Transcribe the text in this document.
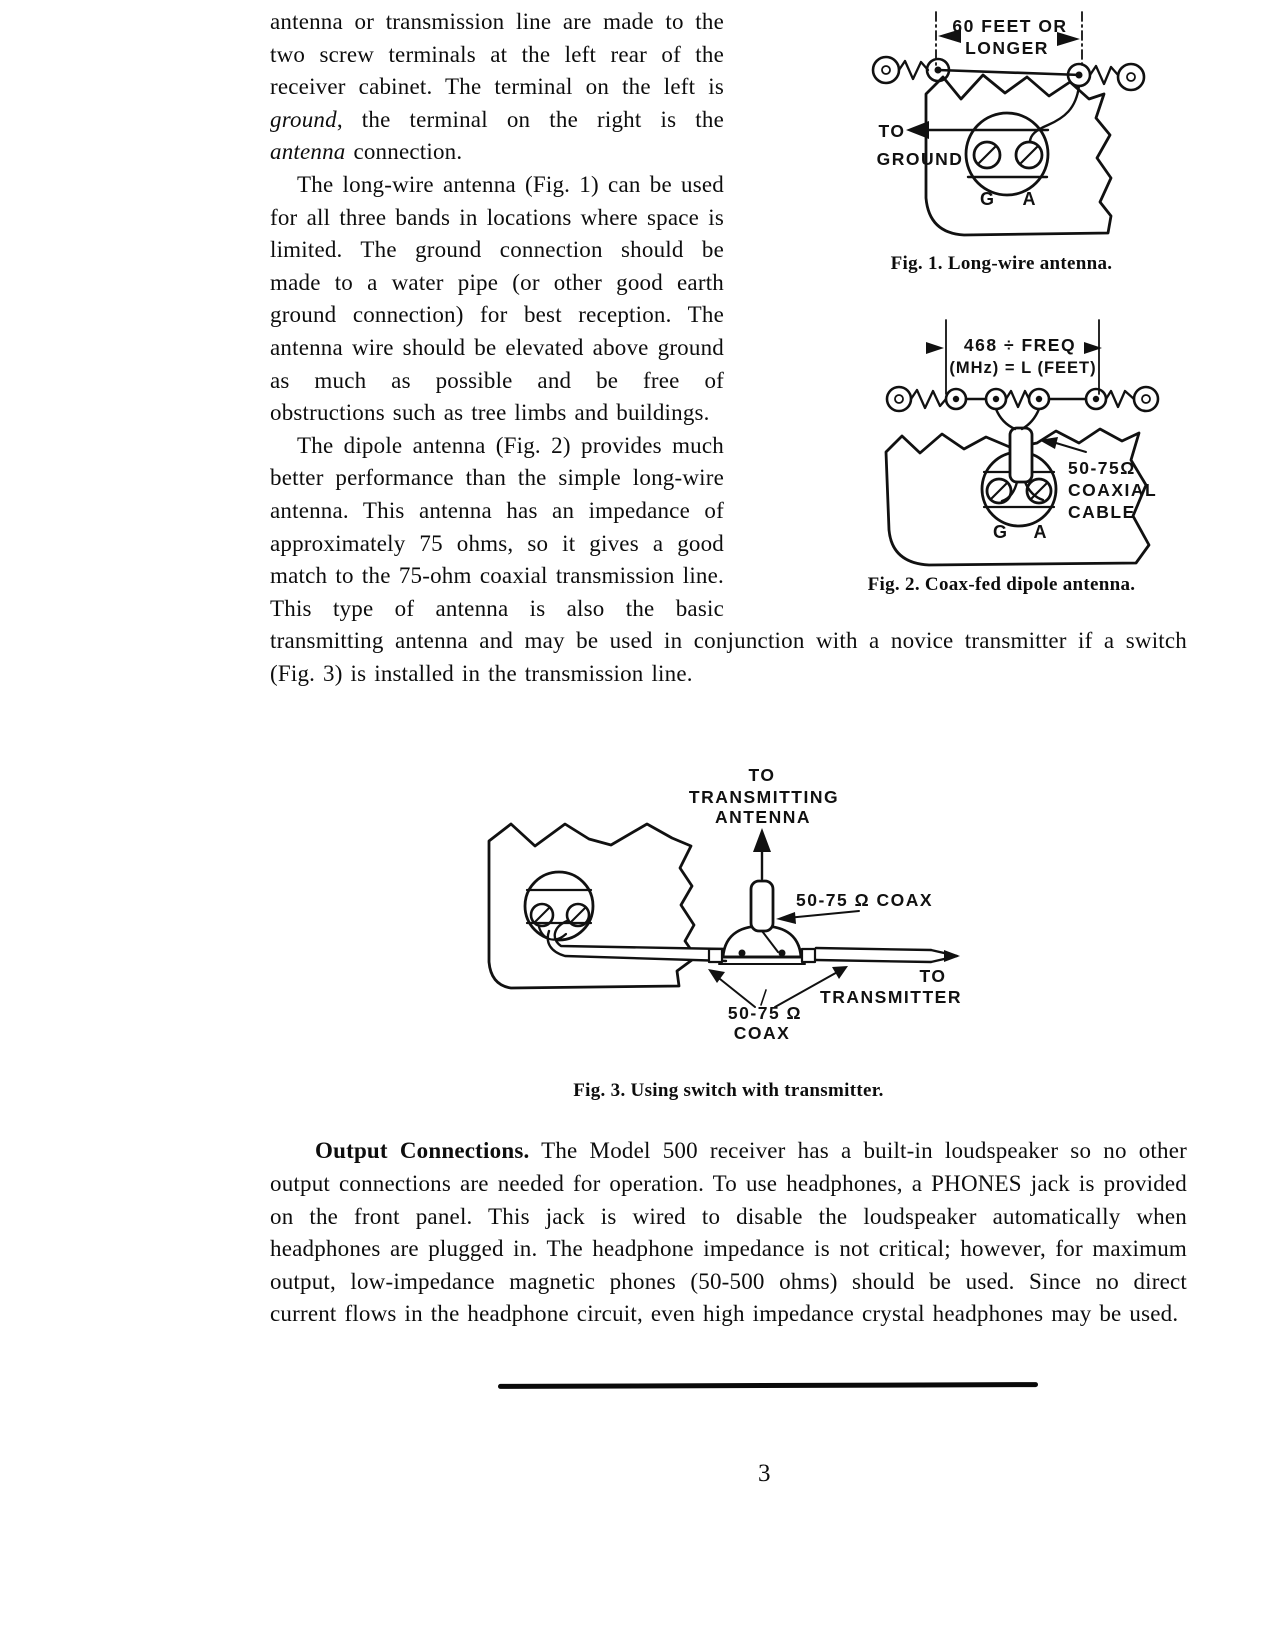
60 FEET OR
LONGER
TO
GROUND
G A
Fig. 1. Long-wire antenna.
468 ÷ FREQ
(MHz) = L (FEET)
50-75Ω
COAXIAL
CABLE
G A
Fig. 2. Coax-fed dipole antenna.

antenna or transmission line are made to the two screw terminals at the left rear of the receiver cabinet. The terminal on the left is ground, the terminal on the right is the antenna connection.

The long-wire antenna (Fig. 1) can be used for all three bands in locations where space is limited. The ground connection should be made to a water pipe (or other good earth ground connection) for best reception. The antenna wire should be elevated above ground as much as possible and be free of obstructions such as tree limbs and buildings.

The dipole antenna (Fig. 2) provides much better performance than the simple long-wire antenna. This antenna has an impedance of approximately 75 ohms, so it gives a good match to the 75-ohm coaxial transmission line. This type of antenna is also the basic transmitting antenna and may be used in conjunction with a novice transmitter if a switch (Fig. 3) is installed in the transmission line.

TO
TRANSMITTING
ANTENNA
50-75 Ω COAX
TO
TRANSMITTER
50-75 Ω
COAX
Fig. 3. Using switch with transmitter.

Output Connections. The Model 500 receiver has a built-in loudspeaker so no other output connections are needed for operation. To use headphones, a PHONES jack is provided on the front panel. This jack is wired to disable the loudspeaker automatically when headphones are plugged in. The headphone impedance is not critical; however, for maximum output, low-impedance magnetic phones (50-500 ohms) should be used. Since no direct current flows in the headphone circuit, even high impedance crystal headphones may be used.

3
